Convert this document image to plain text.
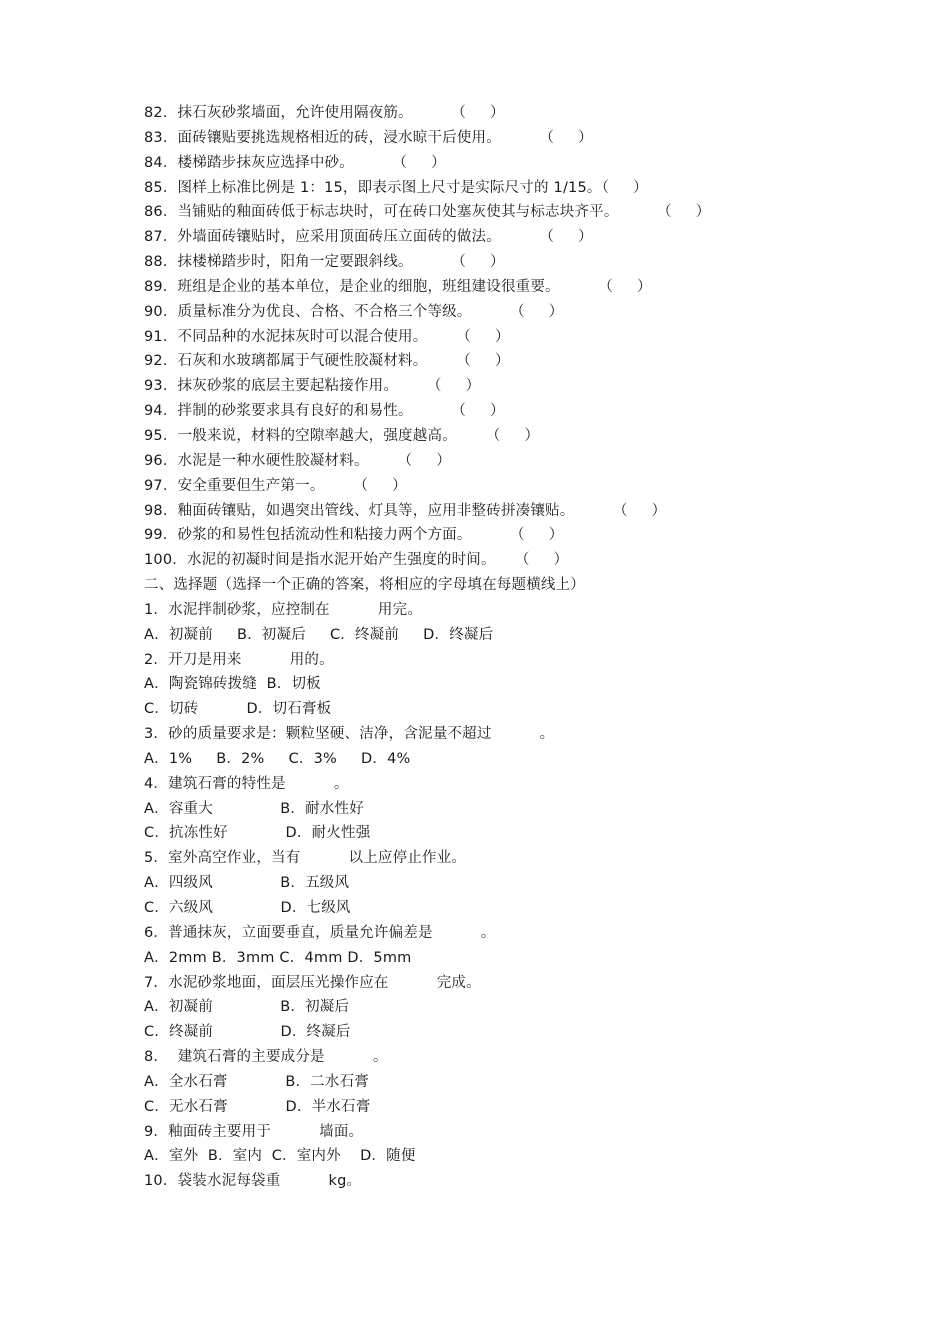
82．抹石灰砂浆墙面，允许使用隔夜筋。        （     ）
83．面砖镶贴要挑选规格相近的砖，浸水晾干后使用。        （     ）
84．楼梯踏步抹灰应选择中砂。        （     ）
85．图样上标准比例是 1：15，即表示图上尺寸是实际尺寸的 1/15。（     ）
86．当铺贴的釉面砖低于标志块时，可在砖口处塞灰使其与标志块齐平。        （     ）
87．外墙面砖镶贴时，应采用顶面砖压立面砖的做法。        （     ）
88．抹楼梯踏步时，阳角一定要跟斜线。        （     ）
89．班组是企业的基本单位，是企业的细胞，班组建设很重要。        （     ）
90．质量标准分为优良、合格、不合格三个等级。        （     ）
91．不同品种的水泥抹灰时可以混合使用。      （     ）
92．石灰和水玻璃都属于气硬性胶凝材料。      （     ）
93．抹灰砂浆的底层主要起粘接作用。      （     ）
94．拌制的砂浆要求具有良好的和易性。        （     ）
95．一般来说，材料的空隙率越大，强度越高。      （     ）
96．水泥是一种水硬性胶凝材料。      （     ）
97．安全重要但生产第一。      （     ）
98．釉面砖镶贴，如遇突出管线、灯具等，应用非整砖拼凑镶贴。        （     ）
99．砂浆的和易性包括流动性和粘接力两个方面。        （     ）
100．水泥的初凝时间是指水泥开始产生强度的时间。    （     ）
二、选择题（选择一个正确的答案，将相应的字母填在每题横线上）
1．水泥拌制砂浆，应控制在          用完。
A．初凝前     B．初凝后     C．终凝前     D．终凝后
2．开刀是用来          用的。
A．陶瓷锦砖拨缝  B．切板
C．切砖          D．切石膏板
3．砂的质量要求是：颗粒坚硬、洁净，含泥量不超过          。
A．1%     B．2%     C．3%     D．4%
4．建筑石膏的特性是          。
A．容重大              B．耐水性好
C．抗冻性好            D．耐火性强
5．室外高空作业，当有          以上应停止作业。
A．四级风              B．五级风
C．六级风              D．七级风
6．普通抹灰，立面要垂直，质量允许偏差是          。
A．2mm B．3mm C．4mm D．5mm
7．水泥砂浆地面，面层压光操作应在          完成。
A．初凝前              B．初凝后
C．终凝前              D．终凝后
8．  建筑石膏的主要成分是          。
A．全水石膏            B．二水石膏
C．无水石膏            D．半水石膏
9．釉面砖主要用于          墙面。
A．室外  B．室内  C．室内外    D．随便
10．袋装水泥每袋重          kg。
